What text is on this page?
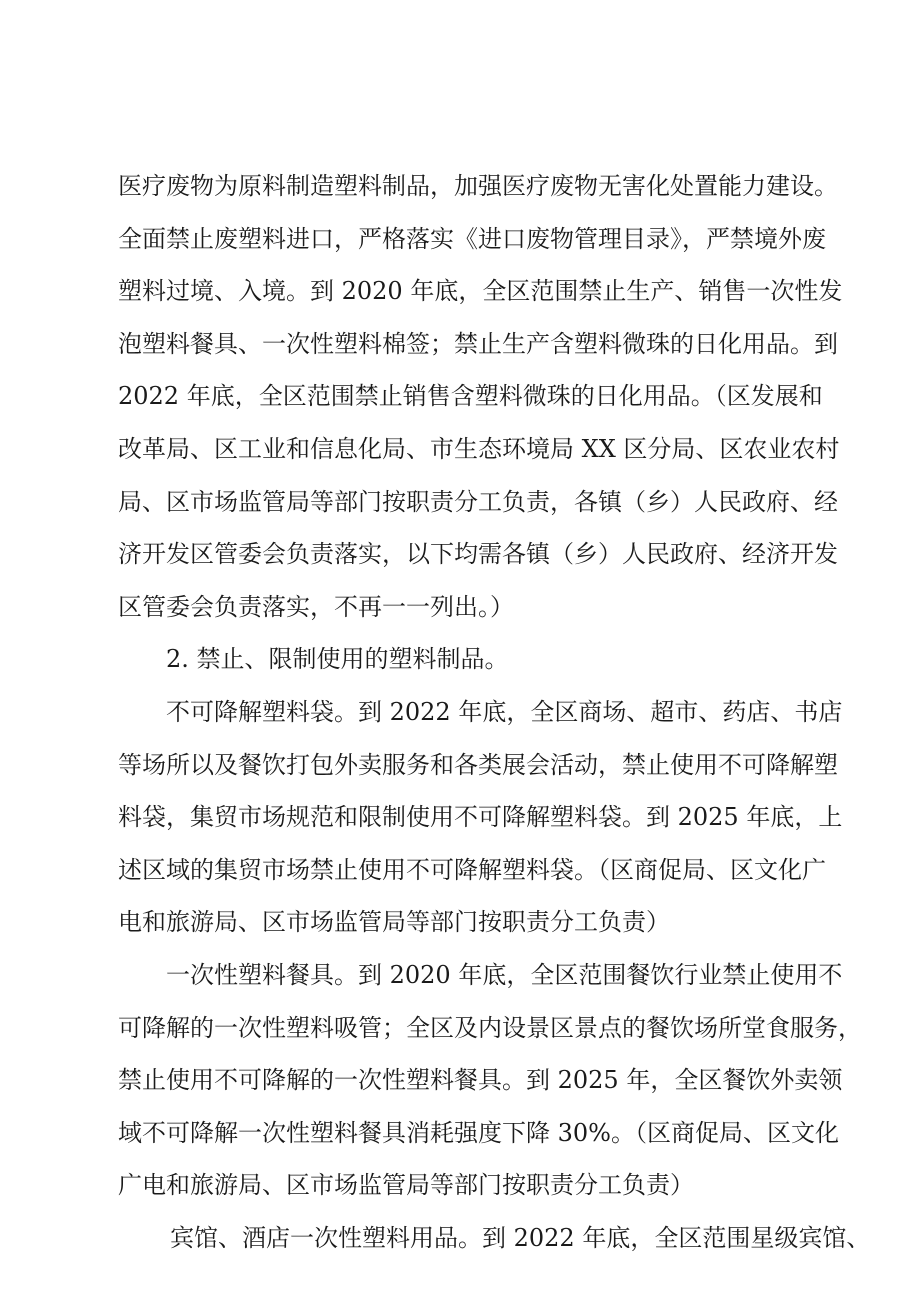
医疗废物为原料制造塑料制品，加强医疗废物无害化处置能力建设。
全面禁止废塑料进口，严格落实《进口废物管理目录》，严禁境外废
塑料过境、入境。到 2020 年底，全区范围禁止生产、销售一次性发
泡塑料餐具、一次性塑料棉签；禁止生产含塑料微珠的日化用品。到
2022 年底，全区范围禁止销售含塑料微珠的日化用品。（区发展和
改革局、区工业和信息化局、市生态环境局 XX 区分局、区农业农村
局、区市场监管局等部门按职责分工负责，各镇（乡）人民政府、经
济开发区管委会负责落实，以下均需各镇（乡）人民政府、经济开发
区管委会负责落实，不再一一列出。）
2. 禁止、限制使用的塑料制品。
不可降解塑料袋。到 2022 年底，全区商场、超市、药店、书店
等场所以及餐饮打包外卖服务和各类展会活动，禁止使用不可降解塑
料袋，集贸市场规范和限制使用不可降解塑料袋。到 2025 年底，上
述区域的集贸市场禁止使用不可降解塑料袋。（区商促局、区文化广
电和旅游局、区市场监管局等部门按职责分工负责）
一次性塑料餐具。到 2020 年底，全区范围餐饮行业禁止使用不
可降解的一次性塑料吸管；全区及内设景区景点的餐饮场所堂食服务，
禁止使用不可降解的一次性塑料餐具。到 2025 年，全区餐饮外卖领
域不可降解一次性塑料餐具消耗强度下降 30%。（区商促局、区文化
广电和旅游局、区市场监管局等部门按职责分工负责）
宾馆、酒店一次性塑料用品。到 2022 年底，全区范围星级宾馆、
